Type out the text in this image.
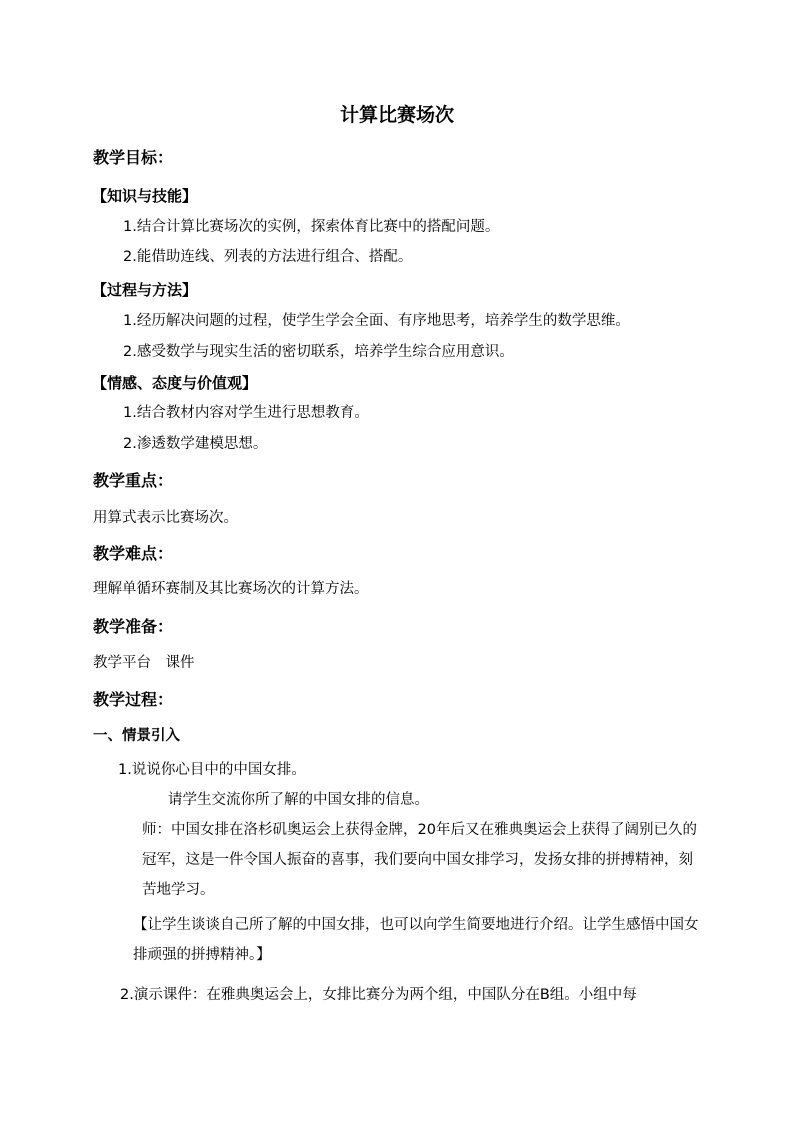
计算比赛场次
教学目标：
【知识与技能】
1.结合计算比赛场次的实例，探索体育比赛中的搭配问题。
2.能借助连线、列表的方法进行组合、搭配。
【过程与方法】
1.经历解决问题的过程，使学生学会全面、有序地思考，培养学生的数学思维。
2.感受数学与现实生活的密切联系，培养学生综合应用意识。
【情感、态度与价值观】
1.结合教材内容对学生进行思想教育。
2.渗透数学建模思想。
教学重点：
用算式表示比赛场次。
教学难点：
理解单循环赛制及其比赛场次的计算方法。
教学准备：
教学平台　课件
教学过程：
一、情景引入
1.说说你心目中的中国女排。
请学生交流你所了解的中国女排的信息。
师：中国女排在洛杉矶奥运会上获得金牌，20年后又在雅典奥运会上获得了阔别已久的冠军，这是一件令国人振奋的喜事，我们要向中国女排学习，发扬女排的拼搏精神，刻苦地学习。
【让学生谈谈自己所了解的中国女排，也可以向学生简要地进行介绍。让学生感悟中国女排顽强的拼搏精神。】
2.演示课件：在雅典奥运会上，女排比赛分为两个组，中国队分在B组。小组中每
